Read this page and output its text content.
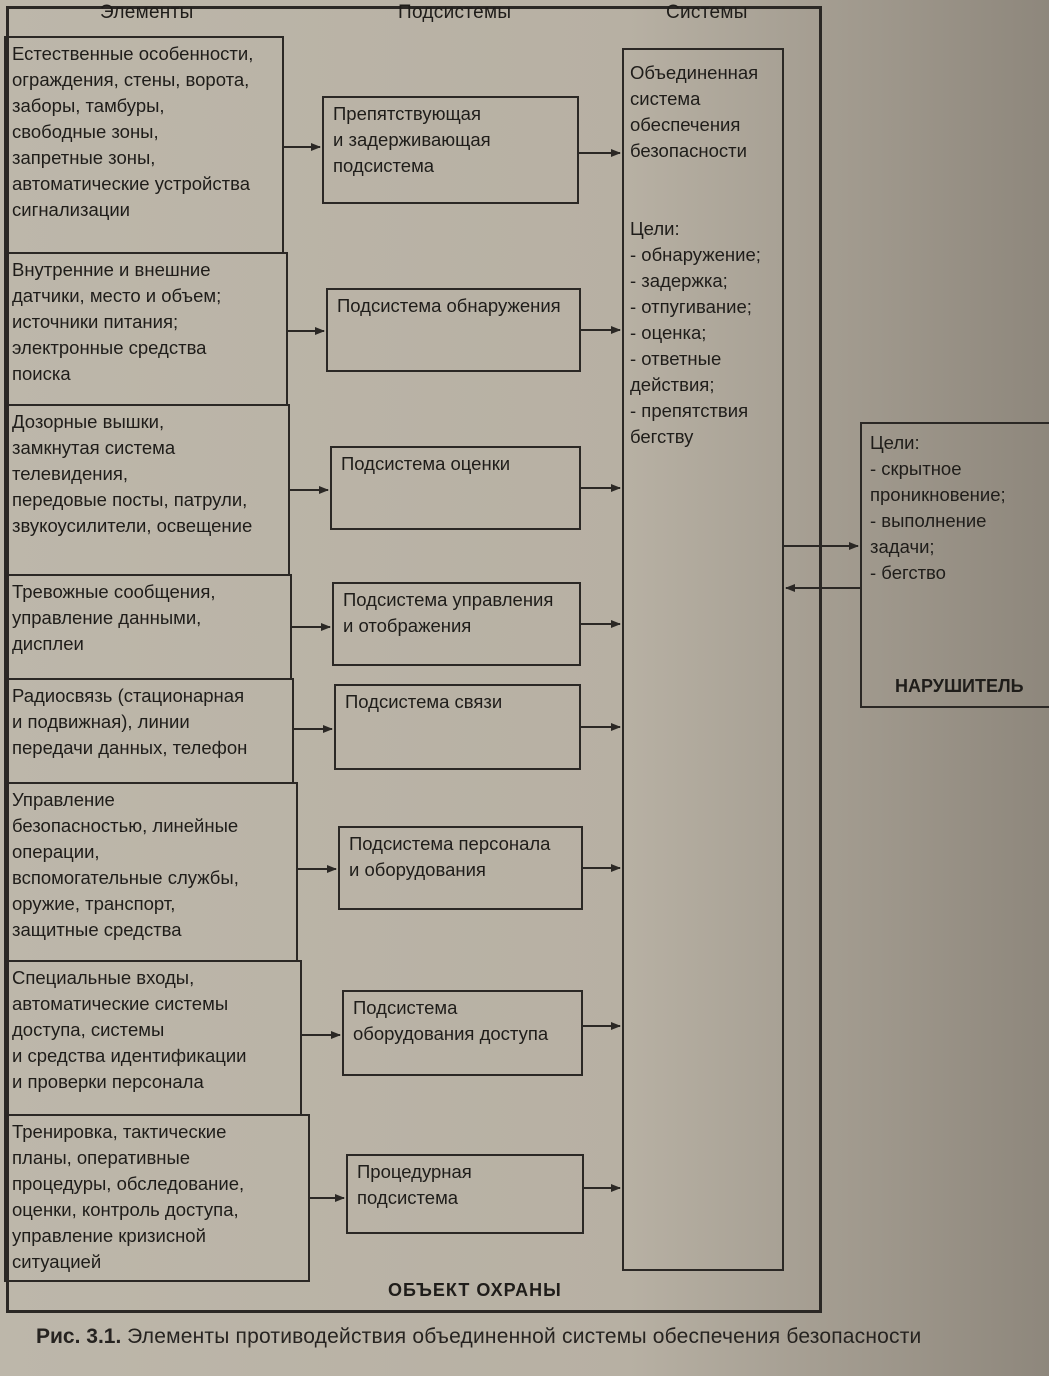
Элементы	Подсистемы	Системы
Естественные особенности,
ограждения, стены, ворота,
заборы, тамбуры,
свободные зоны,
запретные зоны,
автоматические устройства
сигнализации
Внутренние и внешние
датчики, место и объем;
источники питания;
электронные средства
поиска
Дозорные вышки,
замкнутая система
телевидения,
передовые посты, патрули,
звукоусилители, освещение
Тревожные сообщения,
управление данными,
дисплеи
Радиосвязь (стационарная
и подвижная), линии
передачи данных, телефон
Управление
безопасностью, линейные
операции,
вспомогательные службы,
оружие, транспорт,
защитные средства
Специальные входы,
автоматические системы
доступа, системы
и средства идентификации
и проверки персонала
Тренировка, тактические
планы, оперативные
процедуры, обследование,
оценки, контроль доступа,
управление кризисной
ситуацией
Препятствующая
и задерживающая
подсистема
Подсистема обнаружения
Подсистема оценки
Подсистема управления
и отображения
Подсистема связи
Подсистема персонала
и оборудования
Подсистема
оборудования доступа
Процедурная подсистема
Объединенная
система
обеспечения
безопасности
Цели:
- обнаружение;
- задержка;
- отпугивание;
- оценка;
- ответные
действия;
- препятствия
бегству	Цели:
- скрытное
проникновение;
- выполнение
задачи;
- бегство
НАРУШИТЕЛЬ
ОБЪЕКТ ОХРАНЫ
Рис. 3.1. Элементы противодействия объединенной системы обеспечения безопасности
